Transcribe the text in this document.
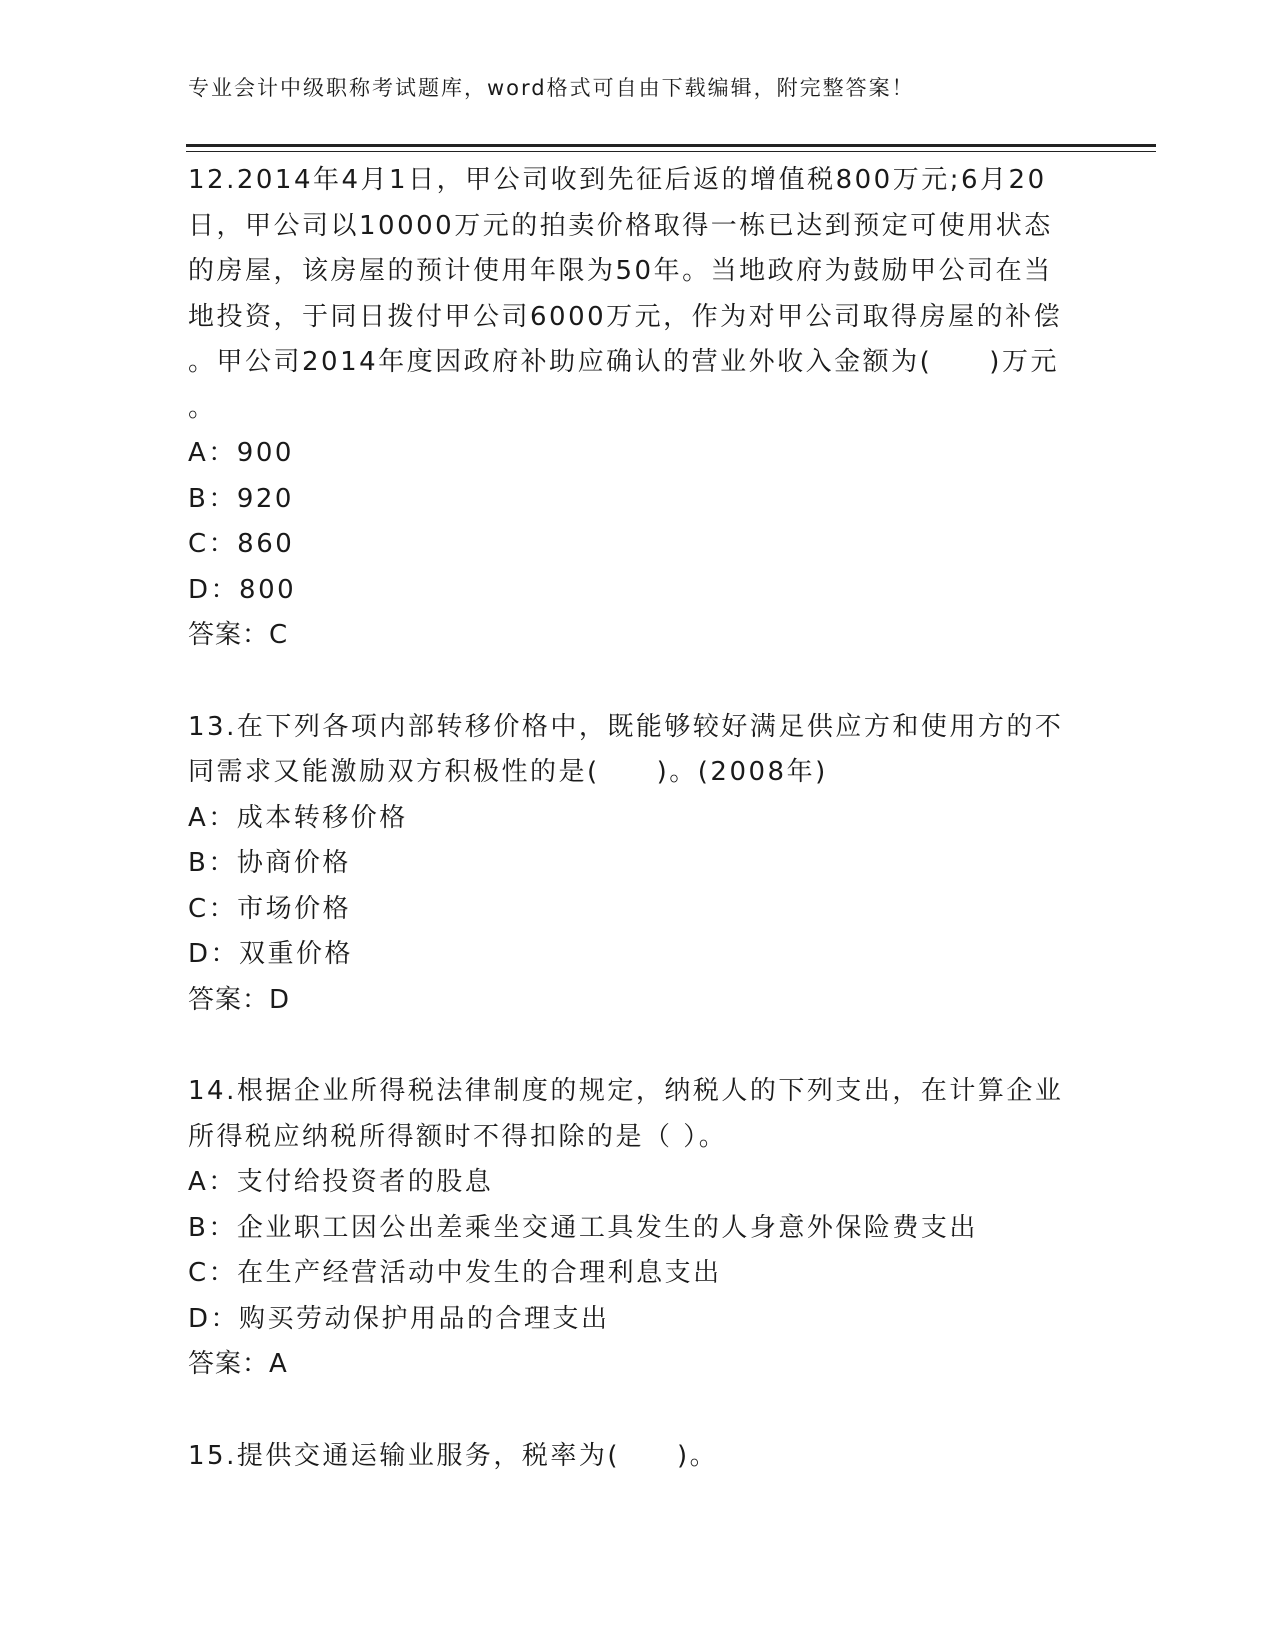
专业会计中级职称考试题库，word格式可自由下载编辑，附完整答案！
12.2014年4月1日，甲公司收到先征后返的增值税800万元;6月20
日，甲公司以10000万元的拍卖价格取得一栋已达到预定可使用状态
的房屋，该房屋的预计使用年限为50年。当地政府为鼓励甲公司在当
地投资，于同日拨付甲公司6000万元，作为对甲公司取得房屋的补偿
。甲公司2014年度因政府补助应确认的营业外收入金额为(　　)万元
。
A：900
B：920
C：860
D：800
答案：C
13.在下列各项内部转移价格中，既能够较好满足供应方和使用方的不
同需求又能激励双方积极性的是(　　)。(2008年)
A：成本转移价格
B：协商价格
C：市场价格
D：双重价格
答案：D
14.根据企业所得税法律制度的规定，纳税人的下列支出，在计算企业
所得税应纳税所得额时不得扣除的是（ ）。
A：支付给投资者的股息
B：企业职工因公出差乘坐交通工具发生的人身意外保险费支出
C：在生产经营活动中发生的合理利息支出
D：购买劳动保护用品的合理支出
答案：A
15.提供交通运输业服务，税率为(　　)。
